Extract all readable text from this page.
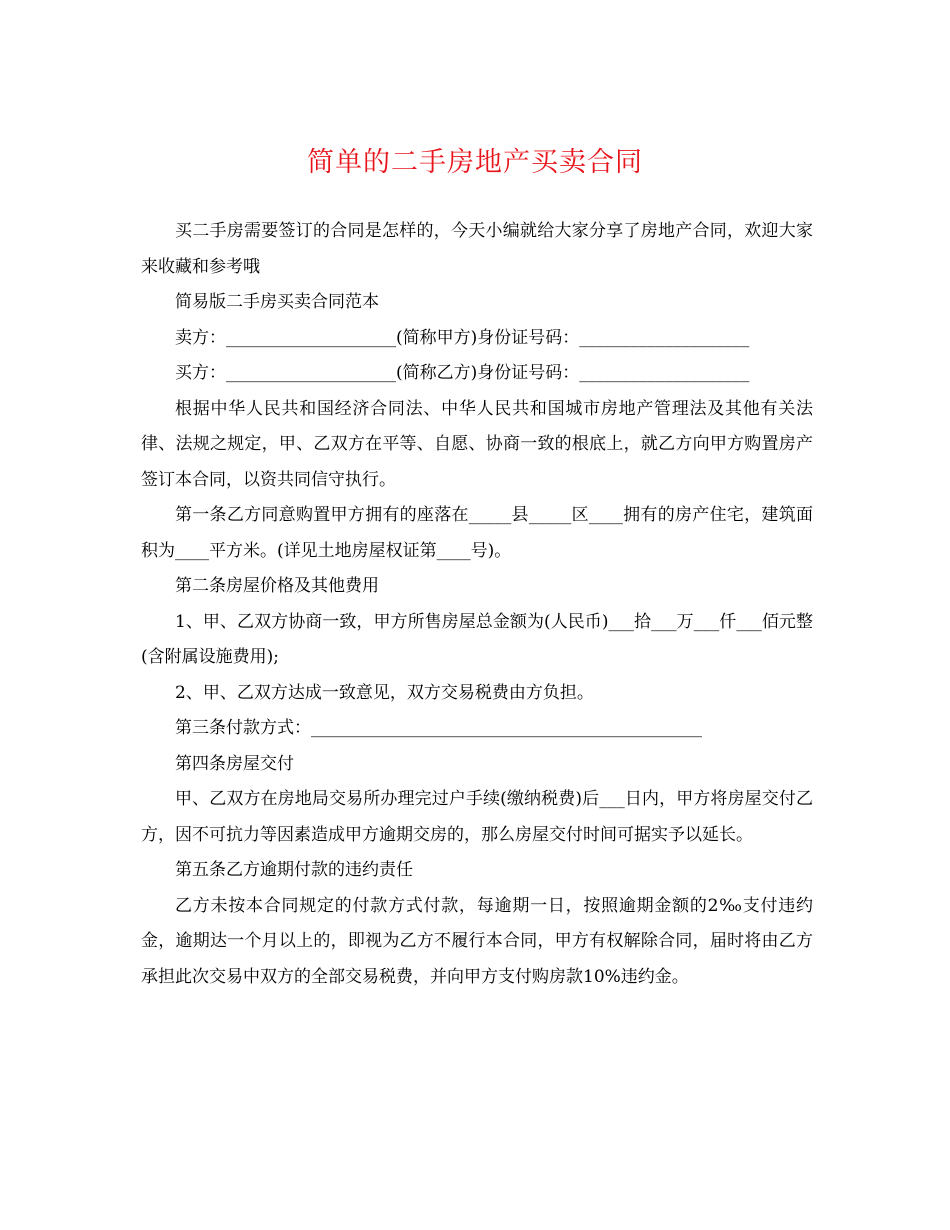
简单的二手房地产买卖合同

买二手房需要签订的合同是怎样的，今天小编就给大家分享了房地产合同，欢迎大家来收藏和参考哦

简易版二手房买卖合同范本

卖方：____________________(简称甲方)身份证号码：____________________

买方：____________________(简称乙方)身份证号码：____________________

根据中华人民共和国经济合同法、中华人民共和国城市房地产管理法及其他有关法律、法规之规定，甲、乙双方在平等、自愿、协商一致的根底上，就乙方向甲方购置房产签订本合同，以资共同信守执行。

第一条乙方同意购置甲方拥有的座落在_____县_____区____拥有的房产住宅，建筑面积为____平方米。(详见土地房屋权证第____号)。

第二条房屋价格及其他费用

1、甲、乙双方协商一致，甲方所售房屋总金额为(人民币)___拾___万___仟___佰元整(含附属设施费用);

2、甲、乙双方达成一致意见，双方交易税费由方负担。

第三条付款方式：______________________________________________

第四条房屋交付

甲、乙双方在房地局交易所办理完过户手续(缴纳税费)后___日内，甲方将房屋交付乙方，因不可抗力等因素造成甲方逾期交房的，那么房屋交付时间可据实予以延长。

第五条乙方逾期付款的违约责任

乙方未按本合同规定的付款方式付款，每逾期一日，按照逾期金额的2‰支付违约金，逾期达一个月以上的，即视为乙方不履行本合同，甲方有权解除合同，届时将由乙方承担此次交易中双方的全部交易税费，并向甲方支付购房款10%违约金。
